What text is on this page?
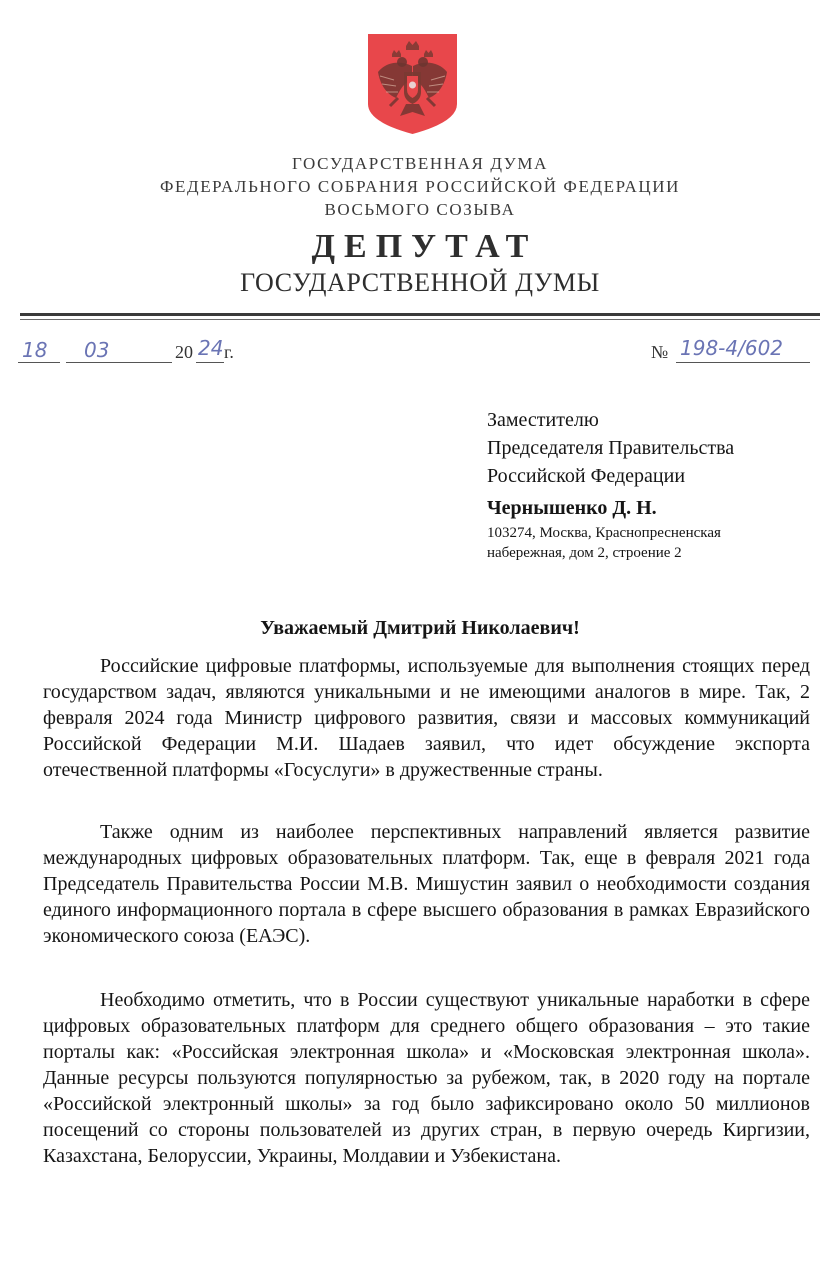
ГОСУДАРСТВЕННАЯ ДУМА
ФЕДЕРАЛЬНОГО СОБРАНИЯ РОССИЙСКОЙ ФЕДЕРАЦИИ
ВОСЬМОГО СОЗЫВА
ДЕПУТАТ
ГОСУДАРСТВЕННОЙ ДУМЫ
18 03	20 24 г.	№ 198-4/602
Заместителю
Председателя Правительства
Российской Федерации
Чернышенко Д. Н.
103274, Москва, Краснопресненская
набережная, дом 2, строение 2
Уважаемый Дмитрий Николаевич!

Российские цифровые платформы, используемые для выполнения стоящих перед государством задач, являются уникальными и не имеющими аналогов в мире. Так, 2 февраля 2024 года Министр цифрового развития, связи и массовых коммуникаций Российской Федерации М.И. Шадаев заявил, что идет обсуждение экспорта отечественной платформы «Госуслуги» в дружественные страны.

Также одним из наиболее перспективных направлений является развитие международных цифровых образовательных платформ. Так, еще в февраля 2021 года Председатель Правительства России М.В. Мишустин заявил о необходимости создания единого информационного портала в сфере высшего образования в рамках Евразийского экономического союза (ЕАЭС).

Необходимо отметить, что в России существуют уникальные наработки в сфере цифровых образовательных платформ для среднего общего образования – это такие порталы как: «Российская электронная школа» и «Московская электронная школа». Данные ресурсы пользуются популярностью за рубежом, так, в 2020 году на портале «Российской электронный школы» за год было зафиксировано около 50 миллионов посещений со стороны пользователей из других стран, в первую очередь Киргизии, Казахстана, Белоруссии, Украины, Молдавии и Узбекистана.
